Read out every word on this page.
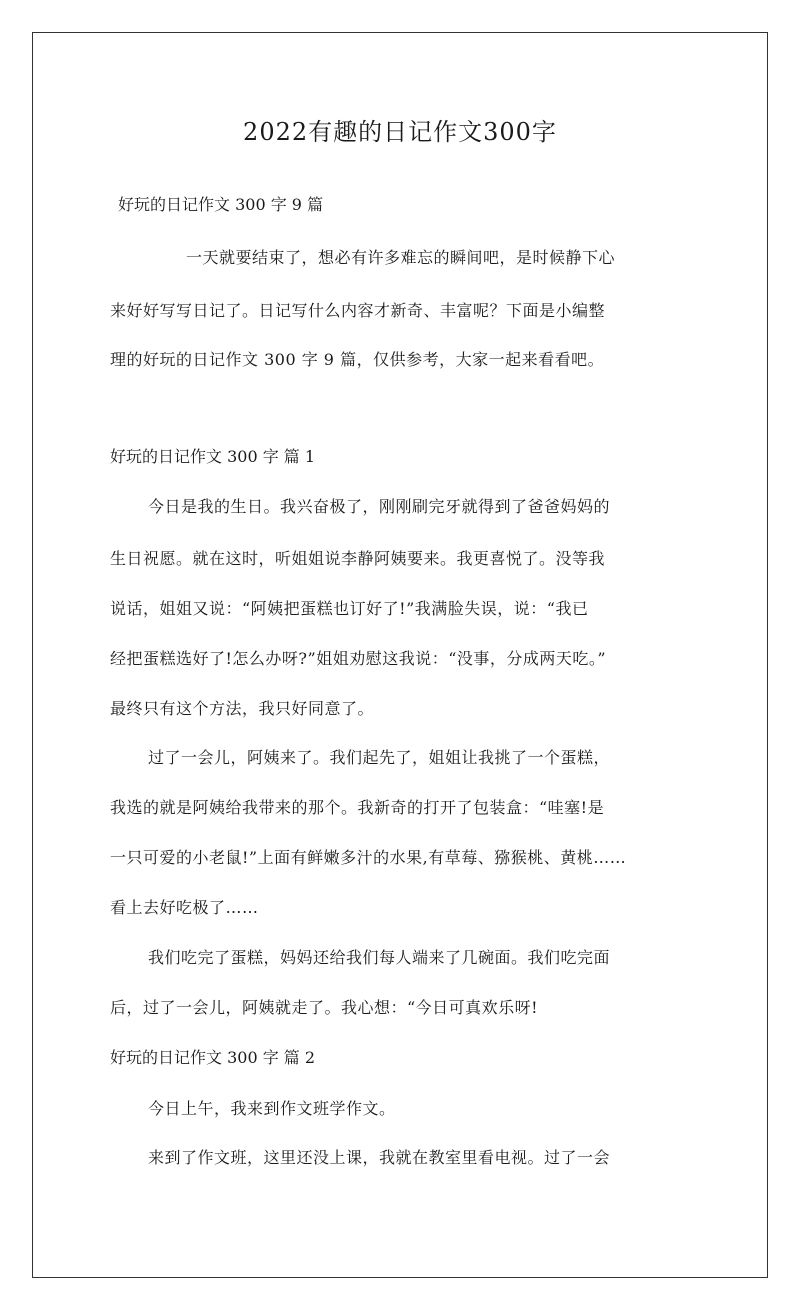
2022有趣的日记作文300字
好玩的日记作文 300 字 9 篇
一天就要结束了，想必有许多难忘的瞬间吧，是时候静下心
来好好写写日记了。日记写什么内容才新奇、丰富呢？下面是小编整
理的好玩的日记作文 300 字 9 篇，仅供参考，大家一起来看看吧。
好玩的日记作文 300 字 篇 1
今日是我的生日。我兴奋极了，刚刚刷完牙就得到了爸爸妈妈的
生日祝愿。就在这时，听姐姐说李静阿姨要来。我更喜悦了。没等我
说话，姐姐又说：“阿姨把蛋糕也订好了!”我满脸失误，说：“我已
经把蛋糕选好了!怎么办呀?”姐姐劝慰这我说：“没事，分成两天吃。”
最终只有这个方法，我只好同意了。
过了一会儿，阿姨来了。我们起先了，姐姐让我挑了一个蛋糕，
我选的就是阿姨给我带来的那个。我新奇的打开了包装盒：“哇塞!是
一只可爱的小老鼠!”上面有鲜嫩多汁的水果,有草莓、猕猴桃、黄桃……
看上去好吃极了……
我们吃完了蛋糕，妈妈还给我们每人端来了几碗面。我们吃完面
后，过了一会儿，阿姨就走了。我心想：“今日可真欢乐呀!
好玩的日记作文 300 字 篇 2
今日上午，我来到作文班学作文。
来到了作文班，这里还没上课，我就在教室里看电视。过了一会
